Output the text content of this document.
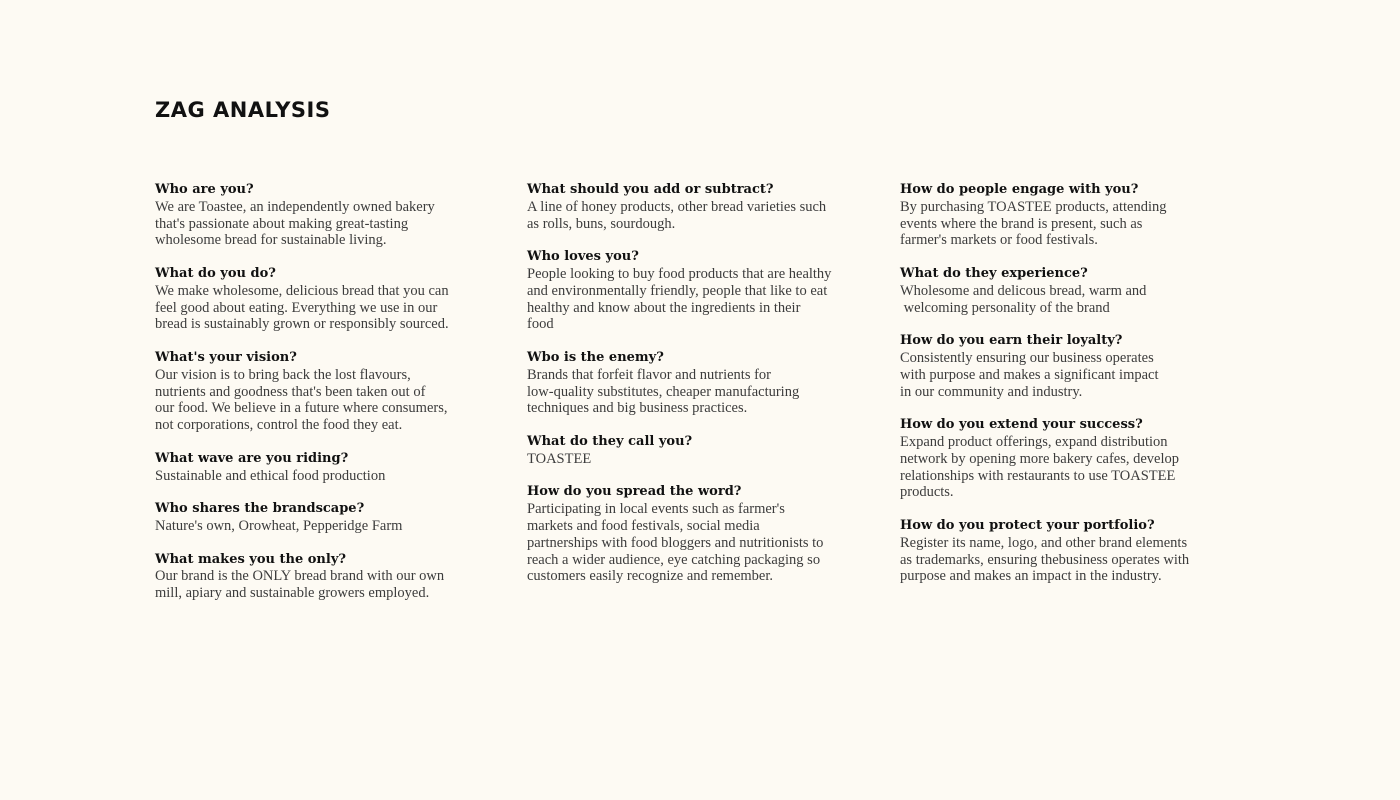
ZAG ANALYSIS

Who are you?

We are Toastee, an independently owned bakery
that's passionate about making great-tasting
wholesome bread for sustainable living.

What do you do?

We make wholesome, delicious bread that you can
feel good about eating. Everything we use in our
bread is sustainably grown or responsibly sourced.

What's your vision?

Our vision is to bring back the lost flavours,
nutrients and goodness that's been taken out of
our food. We believe in a future where consumers,
not corporations, control the food they eat.

What wave are you riding?

Sustainable and ethical food production

Who shares the brandscape?

Nature's own, Orowheat, Pepperidge Farm

What makes you the only?

Our brand is the ONLY bread brand with our own
mill, apiary and sustainable growers employed.

What should you add or subtract?

A line of honey products, other bread varieties such
as rolls, buns, sourdough.

Who loves you?

People looking to buy food products that are healthy
and environmentally friendly, people that like to eat
healthy and know about the ingredients in their
food

Wbo is the enemy?

Brands that forfeit flavor and nutrients for
low-quality substitutes, cheaper manufacturing
techniques and big business practices.

What do they call you?

TOASTEE

How do you spread the word?

Participating in local events such as farmer's
markets and food festivals, social media
partnerships with food bloggers and nutritionists to
reach a wider audience, eye catching packaging so
customers easily recognize and remember.

How do people engage with you?

By purchasing TOASTEE products, attending
events where the brand is present, such as
farmer's markets or food festivals.

What do they experience?

Wholesome and delicous bread, warm and
welcoming personality of the brand

How do you earn their loyalty?

Consistently ensuring our business operates
with purpose and makes a significant impact
in our community and industry.

How do you extend your success?

Expand product offerings, expand distribution
network by opening more bakery cafes, develop
relationships with restaurants to use TOASTEE
products.

How do you protect your portfolio?

Register its name, logo, and other brand elements
as trademarks, ensuring thebusiness operates with
purpose and makes an impact in the industry.
